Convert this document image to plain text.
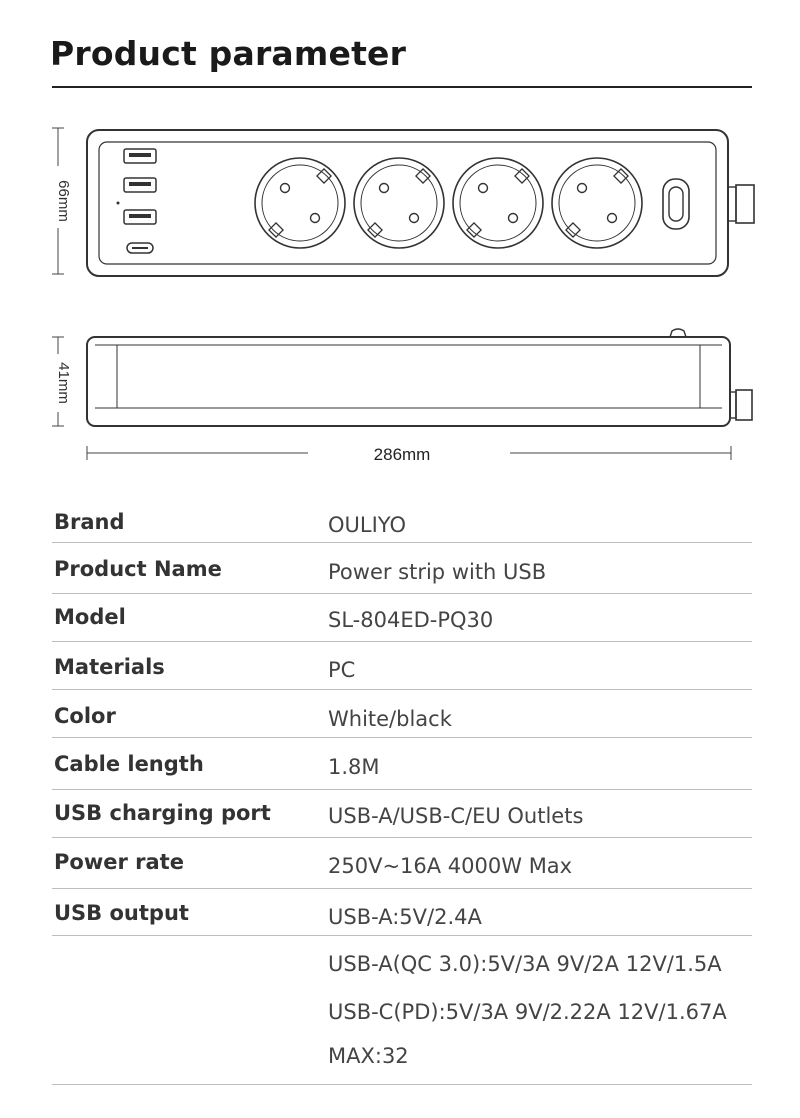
Product parameter
66mm
41mm
286mm
Brand	OULIYO
Product Name	Power strip with USB
Model	SL-804ED-PQ30
Materials	PC
Color	White/black
Cable length	1.8M
USB charging port	USB-A/USB-C/EU Outlets
Power rate	250V~16A 4000W Max
USB output	USB-A:5V/2.4A
USB-A(QC 3.0):5V/3A 9V/2A 12V/1.5A
USB-C(PD):5V/3A 9V/2.22A 12V/1.67A
MAX:32
